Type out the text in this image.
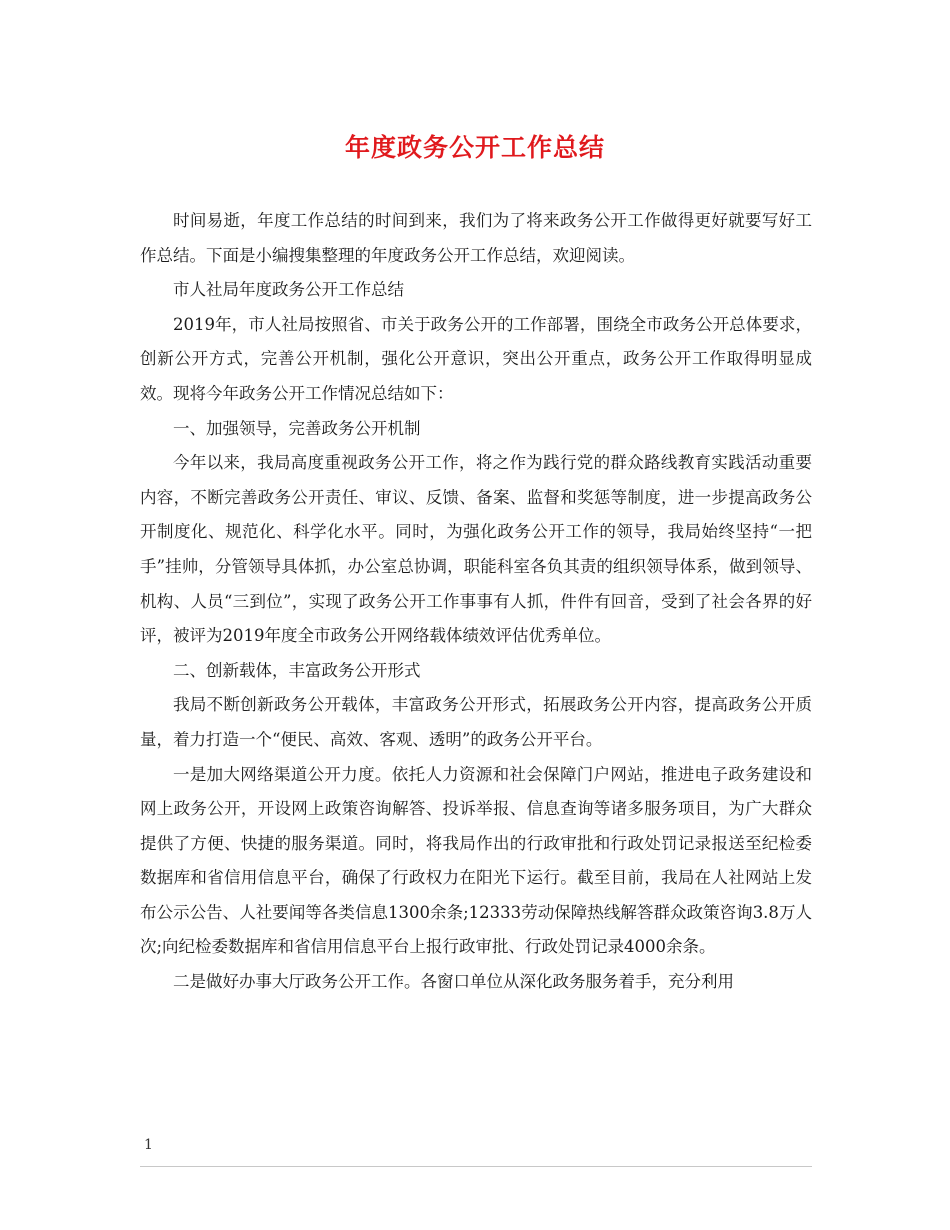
年度政务公开工作总结

时间易逝，年度工作总结的时间到来，我们为了将来政务公开工作做得更好就要写好工作总结。下面是小编搜集整理的年度政务公开工作总结，欢迎阅读。

市人社局年度政务公开工作总结

2019年，市人社局按照省、市关于政务公开的工作部署，围绕全市政务公开总体要求，创新公开方式，完善公开机制，强化公开意识，突出公开重点，政务公开工作取得明显成效。现将今年政务公开工作情况总结如下：

一、加强领导，完善政务公开机制

今年以来，我局高度重视政务公开工作，将之作为践行党的群众路线教育实践活动重要内容，不断完善政务公开责任、审议、反馈、备案、监督和奖惩等制度，进一步提高政务公开制度化、规范化、科学化水平。同时，为强化政务公开工作的领导，我局始终坚持“一把手”挂帅，分管领导具体抓，办公室总协调，职能科室各负其责的组织领导体系，做到领导、机构、人员“三到位”，实现了政务公开工作事事有人抓，件件有回音，受到了社会各界的好评，被评为2019年度全市政务公开网络载体绩效评估优秀单位。

二、创新载体，丰富政务公开形式

我局不断创新政务公开载体，丰富政务公开形式，拓展政务公开内容，提高政务公开质量，着力打造一个“便民、高效、客观、透明”的政务公开平台。

一是加大网络渠道公开力度。依托人力资源和社会保障门户网站，推进电子政务建设和网上政务公开，开设网上政策咨询解答、投诉举报、信息查询等诸多服务项目，为广大群众提供了方便、快捷的服务渠道。同时，将我局作出的行政审批和行政处罚记录报送至纪检委数据库和省信用信息平台，确保了行政权力在阳光下运行。截至目前，我局在人社网站上发布公示公告、人社要闻等各类信息1300余条;12333劳动保障热线解答群众政策咨询3.8万人次;向纪检委数据库和省信用信息平台上报行政审批、行政处罚记录4000余条。

二是做好办事大厅政务公开工作。各窗口单位从深化政务服务着手，充分利用

1
